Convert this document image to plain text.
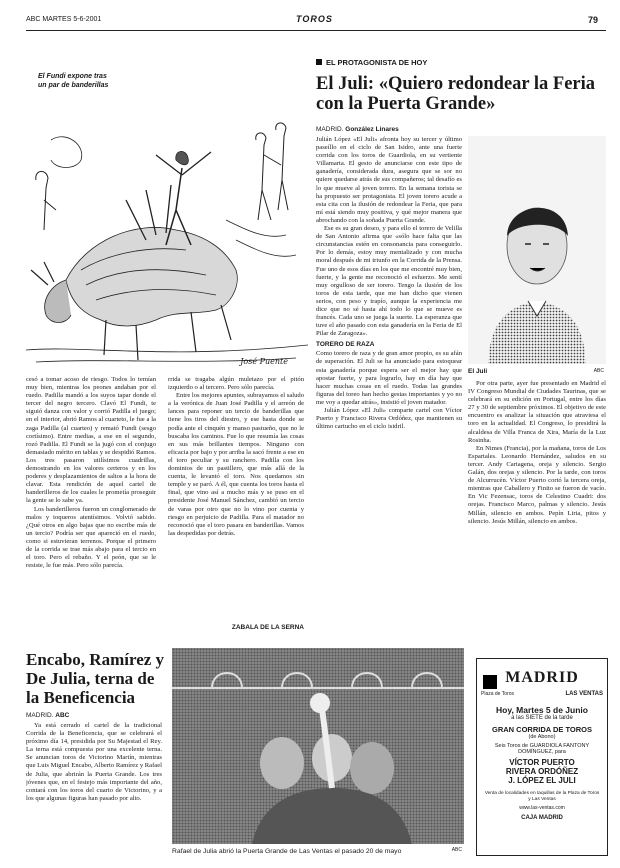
ABC MARTES 5-6-2001	TOROS	79
El Fundi expone tras
un par de banderillas
José Puente

cesó a tomar acoso de riesgo. Todos lo temían muy bien, mientras los peones andaban por el ruedo. Padilla mandó a los suyos tapar donde el tercer del negro tercero. Clavó El Fundi, te siguió danza con valor y corrió Padilla el juego; en el interior, abrió Ramos al cuarteto, le fue a la zaga Padilla (al cuarteo) y remató Fundi (sesgo cortísimo). Entre medias, a ese en el segundo, rozó Padilla. El Fundi se la jugó con el conjugo demasiado mérito en tablas y se despidió Ramos. Los tres pasaron utilísimos cuadrillas, demostrando en los valores certeros y en los poderes y desplazamientos de saltos a la hora de clavar. Esta rendición de aquel cartel de banderilleros de los cuales le prometía proseguir la gente se lo sabe ya.

Los banderilleros fueron un conglomerado de malos y toqueros atentísimos. Volvió sabido. ¿Qué otros en algo bajas que no escribe más de un tercio? Podría ser que apareció en el ruedo, como si estuvieran terrenos. Porque el primero de la corrida se trae más abajo para el tercio en el toro. Pero el rebaño. Y el peón, que se le resiste, le fue más. Pero sólo parecía.

rrida se tragaba algún muletazo por el pitón izquierdo o al tercero. Pero sólo parecía.

Entre los mejores apuntes, subrayamos el saludo a la verónica de Juan José Padilla y el arreón de lances para reponer un tercio de banderillas que tiene los tiros del diestro, y ese hasta donde se podía ante el cinquén y manso pastueño, que no le buscaba los caminos. Fue lo que resumía las cosas en sus más brillantes tiempos. Ninguno con eficacia por bajo y por arriba la sacó frente a ese en el toro peculiar y su ranchero. Padilla con los dominios de un pastillero, que más allá de la cuenta, le levantó el toro. Nos quedamos sin temple y se paró. A él, que cuenta los toros hasta el final, que vino así a mucho más y se puso en el presidente José Manuel Sánchez, cambió un tercio de varas por otro que no lo vino por cuenta y riesgo en perjuicio de Padilla. Para el matador no reconoció que el toro pasara en banderillas. Vamos las despedidas por detrás.

ZABALA DE LA SERNA
EL PROTAGONISTA DE HOY
El Juli: «Quiero redondear la Feria con la Puerta Grande»
MADRID. González Linares

Julián López «El Juli» afronta hoy su tercer y último paseíllo en el ciclo de San Isidro, ante una fuerte corrida con los toros de Guardiola, en su vertiente Villamarta. El gesto de anunciarse con este tipo de ganadería, considerada dura, asegura que se sor no quiere quedarse atrás de sus compañeros; tal desafío es lo que mueve al joven torero. En la semana torista se ha propuesto ser protagonista. El joven torero acude a esta cita con la ilusión de redondear la Feria, que para mí está siendo muy positiva, y qué mejor manera que abrochando con la soñada Puerta Grande.

Ese es su gran deseo, y para ello el torero de Velilla de San Antonio afirma que «sólo hace falta que las circunstancias estén en consonancia para conseguirlo. Por lo demás, estoy muy mentalizado y con mucha moral después de mi triunfo en la Corrida de la Prensa. Fue uno de esos días en los que me encontré muy bien, fuerte, y la gente me reconoció el esfuerzo. Me sentí muy orgulloso de ser torero. Tengo la ilusión de los toros de esta tarde, que me han dicho que vienen serios, con peso y trapío, aunque la experiencia me dice que no sé hasta ahí todo lo que se mueve es francés. Cada uno se juega la suerte. La esperanza que tuve el año pasado con esta ganadería en la Feria de El Pilar de Zaragoza».

TORERO DE RAZA

Como torero de raza y de gran amor propio, es su afán de superación. El Juli se ha anunciado para estoquear esta ganadería porque espera ser el mejor hay que apostar fuerte, y para lograrlo, hay en día hay que hacer muchas cosas en el ruedo. Todas las grandes figuras del toreo han hecho gestas importantes y yo no me voy a quedar atrás», insistió el joven matador.

Julián López «El Juli» comparte cartel con Víctor Puerto y Francisco Rivera Ordóñez, que mantienen su último cartucho en el ciclo isidril.

ABC
El Juli

Por otra parte, ayer fue presentado en Madrid el IV Congreso Mundial de Ciudades Taurinas, que se celebrará en su edición en Portugal, entre los días 27 y 30 de septiembre próximos. El objetivo de este encuentro es analizar la situación que atraviesa el toro en la actualidad. El Congreso, lo presidirá la alcaldesa de Villa Franca de Xira, María de la Luz Rosinha.

En Nimes (Francia), por la mañana, toros de Los Espartales. Leonardo Hernández, saludos en su tercer. Andy Cartagena, oreja y silencio. Sergio Galán, dos orejas y silencio. Por la tarde, con toros de Alcurrucén. Víctor Puerto cortó la tercera oreja, mientras que Caballero y Finito se fueron de vacío. En Vic Fezensac, toros de Celestino Cuadri: dos orejas. Francisco Marco, palmas y silencio. Jesús Millán, silencio en ambos. Pepín Liria, pitos y silencio. Jesús Millán, silencio en ambos.

Encabo, Ramírez y De Julia, terna de la Beneficencia
MADRID. ABC

Ya está cerrado el cartel de la tradicional Corrida de la Beneficencia, que se celebrará el próximo día 14, presidida por Su Majestad el Rey. La terna está compuesta por una excelente terna. Se anuncian toros de Victorino Martín, mientras que Luis Miguel Encabo, Alberto Ramírez y Rafael de Julia, que abrirán la Puerta Grande. Los tres jóvenes que, en el festejo más importante del año, contará con los toros del cuarto de Victorino, y a los que algunas figuras han pasado por alto.

ABC
Rafael de Julia abrió la Puerta Grande de Las Ventas el pasado 20 de mayo
MADRID
Plaza de Toros	LAS VENTAS
Hoy, Martes 5 de Junio
a las SIETE de la tarde
GRAN CORRIDA DE TOROS
(de Abono)
Seis Toros de GUARDIOLA FANTONY
DOMÍNGUEZ, para
VÍCTOR PUERTO
RIVERA ORDÓÑEZ
J. LÓPEZ EL JULI
Venta de localidades en taquillas de la Plaza de Toros y Las Ventas
www.las-ventas.com
CAJA MADRID
